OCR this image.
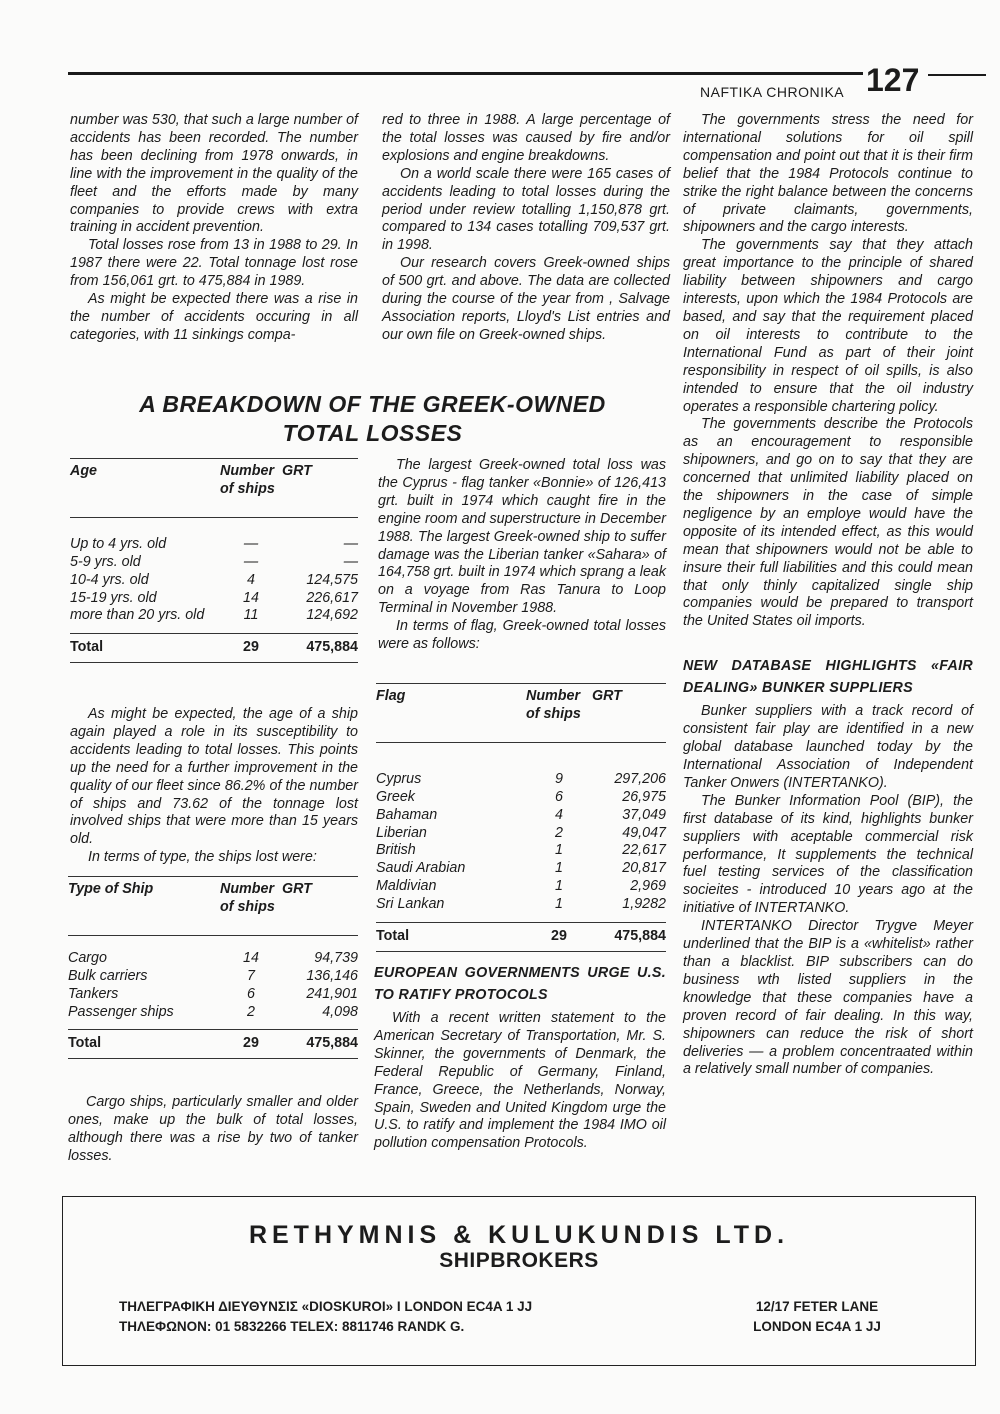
NAFTIKA CHRONIKA 127

number was 530, that such a large number of accidents has been recorded. The number has been declining from 1978 onwards, in line with the improvement in the quality of the fleet and the efforts made by many companies to provide crews with extra training in accident prevention.

Total losses rose from 13 in 1988 to 29. In 1987 there were 22. Total tonnage lost rose from 156,061 grt. to 475,884 in 1989.

As might be expected there was a rise in the number of accidents occuring in all categories, with 11 sinkings compa-

red to three in 1988. A large percentage of the total losses was caused by fire and/or explosions and engine breakdowns.

On a world scale there were 165 cases of accidents leading to total losses during the period under review totalling 1,150,878 grt. compared to 134 cases totalling 709,537 grt. in 1998.

Our research covers Greek-owned ships of 500 grt. and above. The data are collected during the course of the year from , Salvage Association reports, Lloyd's List entries and our own file on Greek-owned ships.

A BREAKDOWN OF THE GREEK-OWNED
TOTAL LOSSES
Age	Number of ships	GRT

Up to 4 yrs. old	—	—
5-9 yrs. old	—	—
10-4 yrs. old	4	124,575
15-19 yrs. old	14	226,617
more than 20 yrs. old	11	124,692

Total	29	475,884

As might be expected, the age of a ship again played a role in its susceptibility to accidents leading to total losses. This points up the need for a further improvement in the quality of our fleet since 86.2% of the number of ships and 73.62 of the tonnage lost involved ships that were more than 15 years old.

In terms of type, the ships lost were:

Type of Ship	Number of ships	GRT

Cargo	14	94,739
Bulk carriers	7	136,146
Tankers	6	241,901
Passenger ships	2	4,098

Total	29	475,884

Cargo ships, particularly smaller and older ones, make up the bulk of total losses, although there was a rise by two of tanker losses.

The largest Greek-owned total loss was the Cyprus - flag tanker «Bonnie» of 126,413 grt. built in 1974 which caught fire in the engine room and superstructure in December 1988. The largest Greek-owned ship to suffer damage was the Liberian tanker «Sahara» of 164,758 grt. built in 1974 which sprang a leak on a voyage from Ras Tanura to Loop Terminal in November 1988.

In terms of flag, Greek-owned total losses were as follows:

Flag	Number of ships	GRT

Cyprus	9	297,206
Greek	6	26,975
Bahaman	4	37,049
Liberian	2	49,047
British	1	22,617
Saudi Arabian	1	20,817
Maldivian	1	2,969
Sri Lankan	1	1,9282

Total	29	475,884

EUROPEAN GOVERNMENTS URGE U.S. TO RATIFY PROTOCOLS

With a recent written statement to the American Secretary of Transportation, Mr. S. Skinner, the governments of Denmark, the Federal Republic of Germany, Finland, France, Greece, the Netherlands, Norway, Spain, Sweden and United Kingdom urge the U.S. to ratify and implement the 1984 IMO oil pollution compensation Protocols.

The governments stress the need for international solutions for oil spill compensation and point out that it is their firm belief that the 1984 Protocols continue to strike the right balance between the concerns of private claimants, governments, shipowners and the cargo interests.

The governments say that they attach great importance to the principle of shared liability between shipowners and cargo interests, upon which the 1984 Protocols are based, and say that the requirement placed on oil interests to contribute to the International Fund as part of their joint responsibility in respect of oil spills, is also intended to ensure that the oil industry operates a responsible chartering policy.

The governments describe the Protocols as an encouragement to responsible shipowners, and go on to say that they are concerned that unlimited liability placed on the shipowners in the case of simple negligence by an employe would have the opposite of its intended effect, as this would mean that shipowners would not be able to insure their full liabilities and this could mean that only thinly capitalized single ship companies would be prepared to transport the United States oil imports.

NEW DATABASE HIGHLIGHTS «FAIR DEALING» BUNKER SUPPLIERS

Bunker suppliers with a track record of consistent fair play are identified in a new global database launched today by the International Association of Independent Tanker Onwers (INTERTANKO).

The Bunker Information Pool (BIP), the first database of its kind, highlights bunker suppliers with aceptable commercial risk performance, It supplements the technical fuel testing services of the classification socieites - introduced 10 years ago at the initiative of INTERTANKO.

INTERTANKO Director Trygve Meyer underlined that the BIP is a «whitelist» rather than a blacklist. BIP subscribers can do business wth listed suppliers in the knowledge that these companies have a proven record of fair dealing. In this way, shipowners can reduce the risk of short deliveries — a problem concentraated within a relatively small number of companies.

RETHYMNIS & KULUKUNDIS LTD.
SHIPBROKERS
ΤΗΛΕΓΡΑΦΙΚΗ ΔΙΕΥΘΥΝΣΙΣ «DIOSKUROI» I LONDON EC4A 1 JJ
ΤΗΛΕΦΩΝΟΝ: 01 5832266 TELEX: 8811746 RANDK G.
12/17 FETER LANE
LONDON EC4A 1 JJ
